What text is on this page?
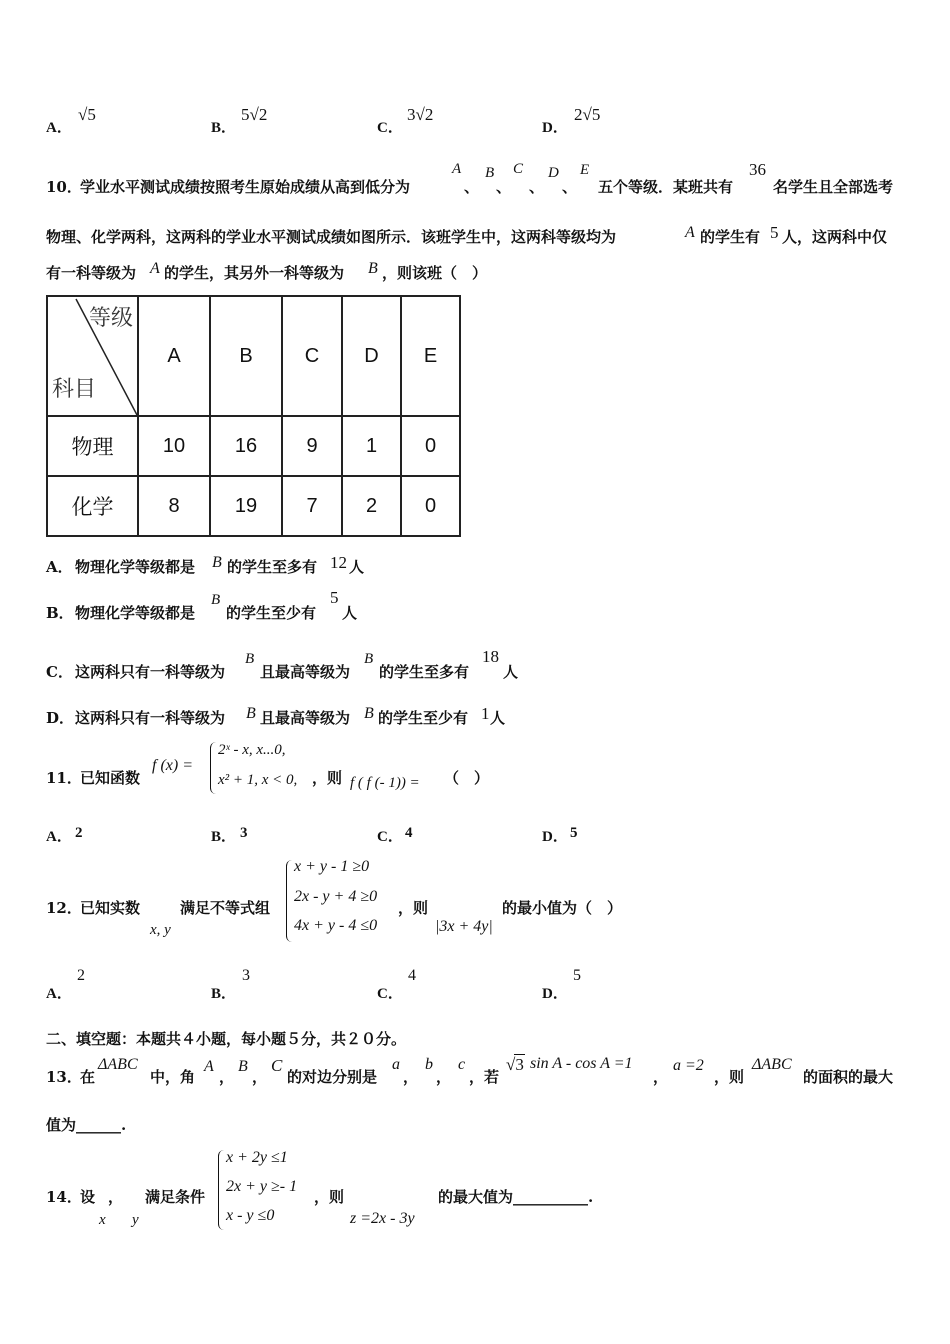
A．
√5
B．
5√2
C．
3√2
D．
2√5
10．
学业水平测试成绩按照考生原始成绩从高到低分为
A
、
B
、
C
、
D
、
E
五个等级．某班共有
36
名学生且全部选考
物理、化学两科，这两科的学业水平测试成绩如图所示．该班学生中，这两科等级均为	A 的学生有 5 人，这两科中仅
有一科等级为 A 的学生，其另外一科等级为 B ，则该班（　）
等级
科目	A	B	C	D	E
物理	10	16	9	1	0
化学	8	19	7	2	0
A． 物理化学等级都是 B 的学生至多有 12 人
B． 物理化学等级都是
B
的学生至少有
5
人
C． 这两科只有一科等级为
B
且最高等级为
B
的学生至多有
18
人
D． 这两科只有一科等级为 B 且最高等级为 B 的学生至少有 1 人
11．
已知函数
f (x) =
2ˣ - x, x...0,
x² + 1, x < 0, ，则 f ( f (- 1)) = （　）
A． 2	B． 3	C． 4	D． 5
12．
已知实数
x, y
满足不等式组
x + y - 1 ≥0
2x - y + 4 ≥0
4x + y - 4 ≤0
，则
|3x + 4y|
的最小值为（　）
A．
2
B．
3
C．
4
D．
5
二、填空题：本题共４小题，每小题５分，共２０分。
13．
在
ΔABC
中，角
A
，
B
，
C
的对边分别是
a
，
b
，
c
，若
√3 sin A - cos A =1
，
a =2
，则
ΔABC
的面积的最大
值为______.
14．
设
x
，
y
满足条件
x + 2y ≤1
2x + y ≥- 1
x - y ≤0
，则
z =2x - 3y
的最大值为__________.
